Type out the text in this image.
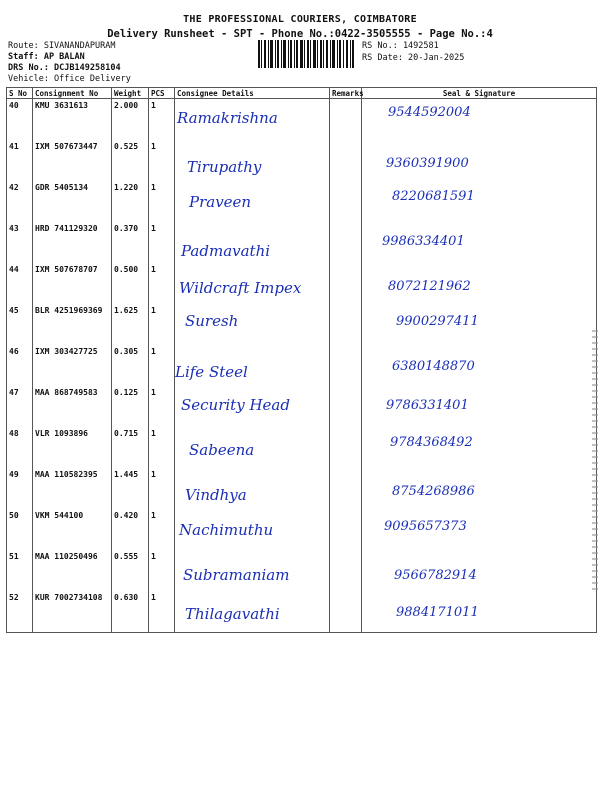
THE PROFESSIONAL COURIERS, COIMBATORE
Delivery Runsheet - SPT - Phone No.:0422-3505555 - Page No.:4
Route: SIVANANDAPURAM
Staff: AP BALAN
DRS No.: DCJB149258104
Vehicle: Office Delivery
RS No.: 1492581
RS Date: 20-Jan-2025
S No	Consignment No	Weight	PCS	Consignee Details	Remarks	Seal & Signature
40	KMU 3631613	2.000	1	Ramakrishna		9544592004

41	IXM 507673447	0.525	1	Tirupathy		9360391900

42	GDR 5405134	1.220	1	Praveen		8220681591

43	HRD 741129320	0.370	1	Padmavathi		9986334401

44	IXM 507678707	0.500	1	Wildcraft Impex		8072121962

45	BLR 4251969369	1.625	1	Suresh		9900297411

46	IXM 303427725	0.305	1	Life Steel		6380148870

47	MAA 868749583	0.125	1	Security Head		9786331401

48	VLR 1093896	0.715	1	Sabeena		9784368492

49	MAA 110582395	1.445	1	Vindhya		8754268986

50	VKM 544100	0.420	1	Nachimuthu		9095657373

51	MAA 110250496	0.555	1	Subramaniam		9566782914

52	KUR 7002734108	0.630	1	Thilagavathi		9884171011
